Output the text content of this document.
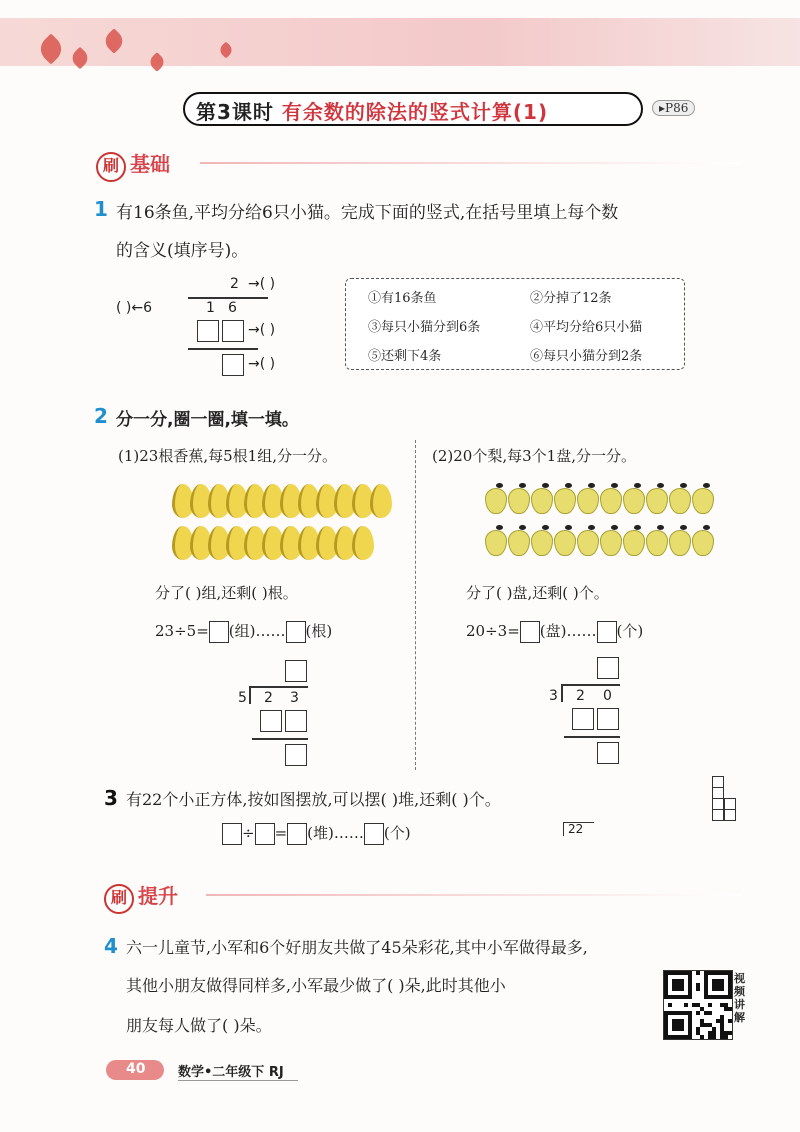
第3课时 有余数的除法的竖式计算(1)	▸P86
刷 基础
1 有16条鱼,平均分给6只小猫。完成下面的竖式,在括号里填上每个数
的含义(填序号)。
2 →( )
( )←6	1 6
→( )
→( )
①有16条鱼	②分掉了12条
③每只小猫分到6条	④平均分给6只小猫
⑤还剩下4条	⑥每只小猫分到2条
2 分一分,圈一圈,填一填。
(1)23根香蕉,每5根1组,分一分。	(2)20个梨,每3个1盘,分一分。
分了( )组,还剩( )根。	分了( )盘,还剩( )个。
23÷5= (组)…… (根)	20÷3= (盘)…… (个)
5 2 3	3 2 0
3 有22个小正方体,按如图摆放,可以摆( )堆,还剩( )个。
÷ = (堆)…… (个)	22
刷 提升
4 六一儿童节,小军和6个好朋友共做了45朵彩花,其中小军做得最多,
其他小朋友做得同样多,小军最少做了( )朵,此时其他小
朋友每人做了( )朵。
视频讲解
40	数学•二年级下 RJ
